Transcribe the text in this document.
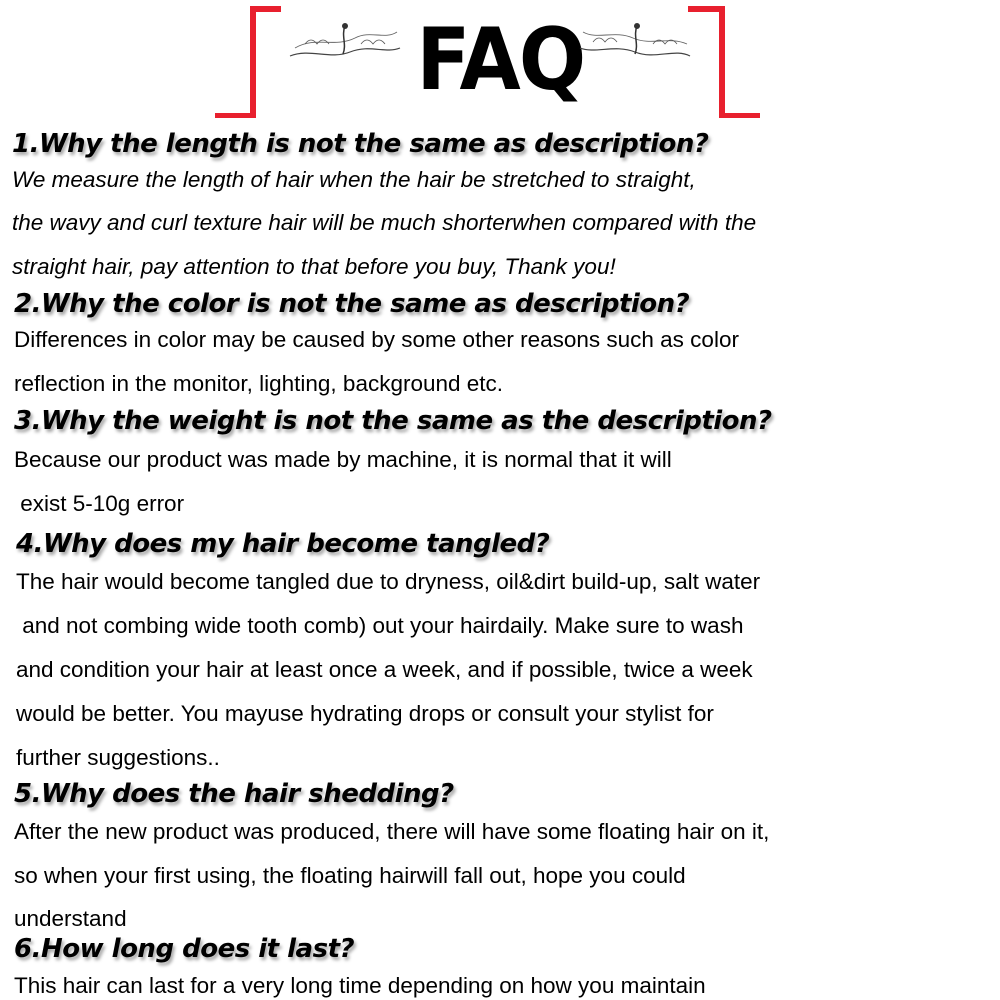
FAQ
1.Why the length is not the same as description?
We measure the length of hair when the hair be stretched to straight,
the wavy and curl texture hair will be much shorterwhen compared with the
straight hair, pay attention to that before you buy, Thank you!
2.Why the color is not the same as description?
Differences in color may be caused by some other reasons such as color
reflection in the monitor, lighting, background etc.
3.Why the weight is not the same as the description?
Because our product was made by machine, it is normal that it will
exist 5-10g error
4.Why does my hair become tangled?
The hair would become tangled due to dryness, oil&dirt build-up, salt water
and not combing wide tooth comb) out your hairdaily. Make sure to wash
and condition your hair at least once a week, and if possible, twice a week
would be better. You mayuse hydrating drops or consult your stylist for
further suggestions..
5.Why does the hair shedding?
After the new product was produced, there will have some floating hair on it,
so when your first using, the floating hairwill fall out, hope you could
understand
6.How long does it last?
This hair can last for a very long time depending on how you maintain
